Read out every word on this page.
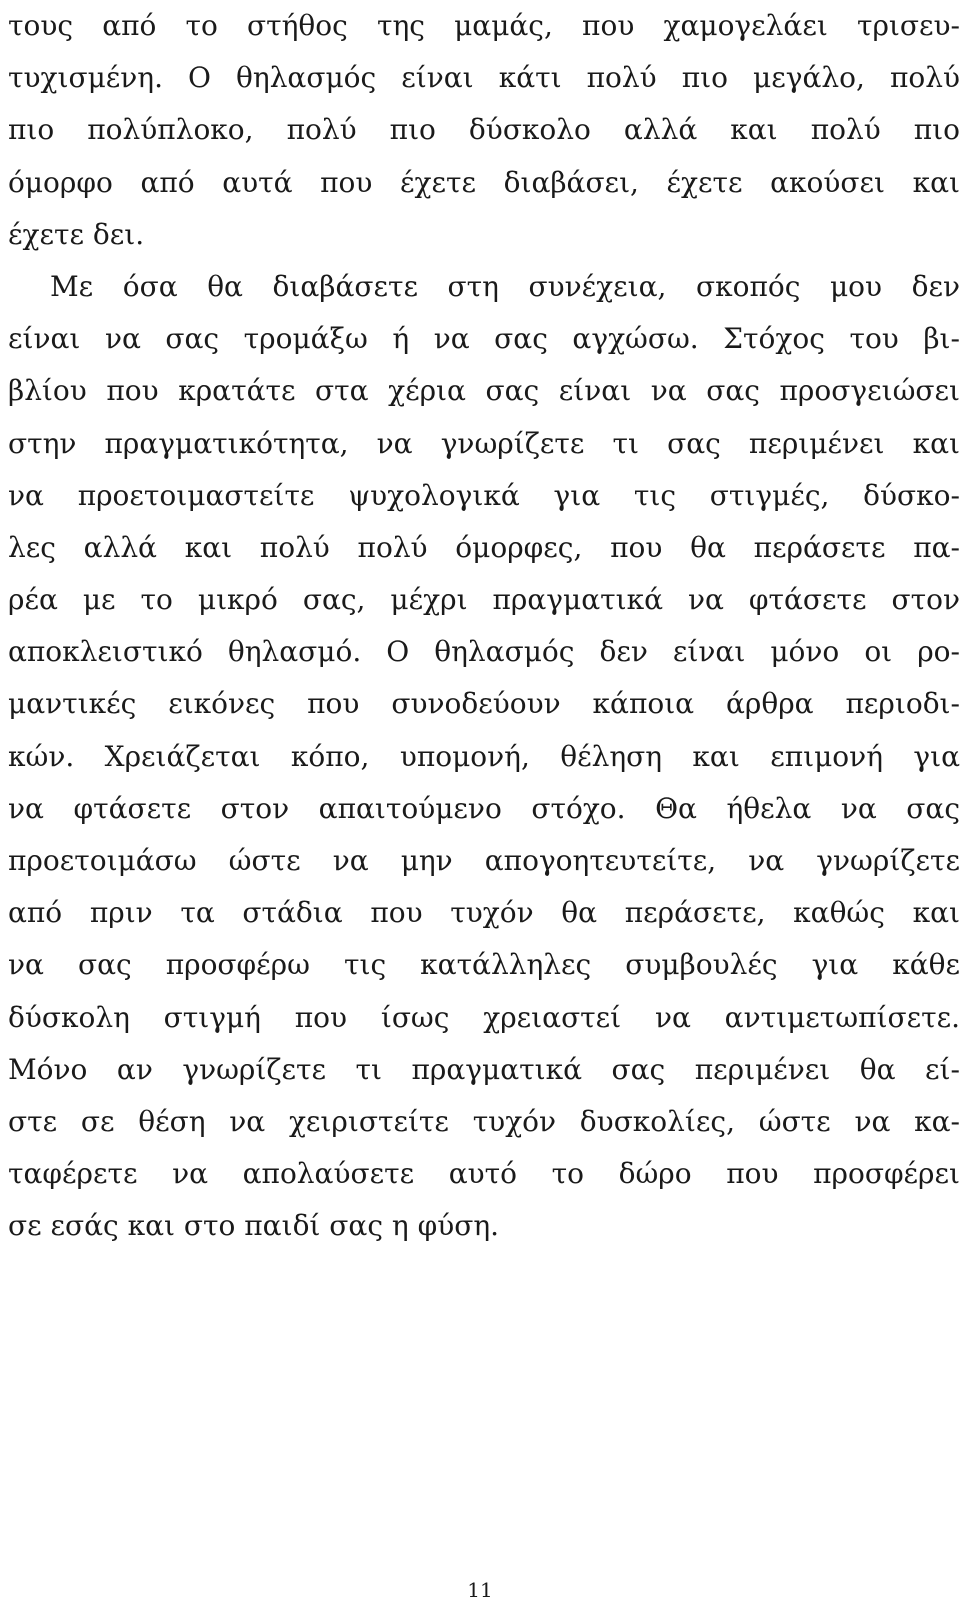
τους από το στήθος της μαμάς, που χαμογελάει τρισευ-
τυχισμένη. Ο θηλασμός είναι κάτι πολύ πιο μεγάλο, πολύ
πιο πολύπλοκο, πολύ πιο δύσκολο αλλά και πολύ πιο
όμορφο από αυτά που έχετε διαβάσει, έχετε ακούσει και
έχετε δει.
Με όσα θα διαβάσετε στη συνέχεια, σκοπός μου δεν
είναι να σας τρομάξω ή να σας αγχώσω. Στόχος του βι-
βλίου που κρατάτε στα χέρια σας είναι να σας προσγειώσει
στην πραγματικότητα, να γνωρίζετε τι σας περιμένει και
να προετοιμαστείτε ψυχολογικά για τις στιγμές, δύσκο-
λες αλλά και πολύ πολύ όμορφες, που θα περάσετε πα-
ρέα με το μικρό σας, μέχρι πραγματικά να φτάσετε στον
αποκλειστικό θηλασμό. Ο θηλασμός δεν είναι μόνο οι ρο-
μαντικές εικόνες που συνοδεύουν κάποια άρθρα περιοδι-
κών. Χρειάζεται κόπο, υπομονή, θέληση και επιμονή για
να φτάσετε στον απαιτούμενο στόχο. Θα ήθελα να σας
προετοιμάσω ώστε να μην απογοητευτείτε, να γνωρίζετε
από πριν τα στάδια που τυχόν θα περάσετε, καθώς και
να σας προσφέρω τις κατάλληλες συμβουλές για κάθε
δύσκολη στιγμή που ίσως χρειαστεί να αντιμετωπίσετε.
Μόνο αν γνωρίζετε τι πραγματικά σας περιμένει θα εί-
στε σε θέση να χειριστείτε τυχόν δυσκολίες, ώστε να κα-
ταφέρετε να απολαύσετε αυτό το δώρο που προσφέρει
σε εσάς και στο παιδί σας η φύση.
11
